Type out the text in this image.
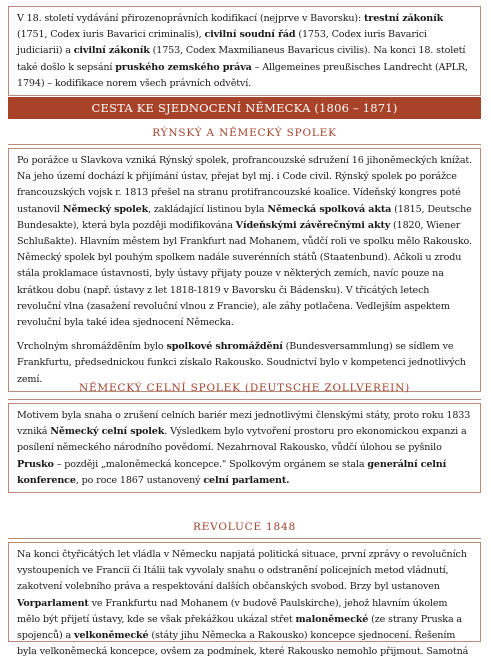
V 18. století vydávání přirozenoprávních kodifikací (nejprve v Bavorsku): trestní zákoník (1751, Codex iuris Bavarici criminalis), civilní soudní řád (1753, Codex iuris Bavarici judiciarii) a civilní zákoník (1753, Codex Maxmilianeus Bavaricus civilis). Na konci 18. století také došlo k sepsání pruského zemského práva – Allgemeines preußisches Landrecht (APLR, 1794) – kodifikace norem všech právních odvětví.

CESTA KE SJEDNOCENÍ NĚMECKA (1806 – 1871)
RÝNSKÝ A NĚMECKÝ SPOLEK

Po porážce u Slavkova vzniká Rýnský spolek, profrancouzské sdružení 16 jihoněmeckých knížat. Na jeho území dochází k přijímání ústav, přejat byl mj. i Code civil. Rýnský spolek po porážce francouzských vojsk r. 1813 přešel na stranu protifrancouzské koalice. Vídeňský kongres poté ustanovil Německý spolek, zakládající listinou byla Německá spolková akta (1815, Deutsche Bundesakte), která byla později modifikována Vídeňskými závěrečnými akty (1820, Wiener Schlußakte). Hlavním městem byl Frankfurt nad Mohanem, vůdčí roli ve spolku mělo Rakousko. Německý spolek byl pouhým spolkem nadále suverénních států (Staatenbund). Ačkoli u zrodu stála proklamace ústavnosti, byly ústavy přijaty pouze v některých zemích, navíc pouze na krátkou dobu (např. ústavy z let 1818-1819 v Bavorsku či Bádensku). V třicátých letech revoluční vlna (zasažení revoluční vlnou z Francie), ale záhy potlačena. Vedlejším aspektem revoluční byla také idea sjednocení Německa.

Vrcholným shromážděním bylo spolkové shromáždění (Bundesversammlung) se sídlem ve Frankfurtu, předsednickou funkci získalo Rakousko. Soudnictví bylo v kompetenci jednotlivých zemí.

NĚMECKÝ CELNÍ SPOLEK (DEUTSCHE ZOLLVEREIN)

Motivem byla snaha o zrušení celních bariér mezi jednotlivými členskými státy, proto roku 1833 vzniká Německý celní spolek. Výsledkem bylo vytvoření prostoru pro ekonomickou expanzi a posílení německého národního povědomí. Nezahrnoval Rakousko, vůdčí úlohou se pyšnilo Prusko – později „maloněmecká koncepce." Spolkovým orgánem se stala generální celní konference, po roce 1867 ustanovený celní parlament.

REVOLUCE 1848

Na konci čtyřicátých let vládla v Německu napjatá politická situace, první zprávy o revolučních vystoupeních ve Francii či Itálii tak vyvolaly snahu o odstranění policejních metod vládnutí, zakotvení volebního práva a respektování dalších občanských svobod. Brzy byl ustanoven Vorparlament ve Frankfurtu nad Mohanem (v budově Paulskirche), jehož hlavním úkolem mělo být přijetí ústavy, kde se však překážkou ukázal střet maloněmecké (ze strany Pruska a spojenců) a velkoněmecké (státy jihu Německa a Rakousko) koncepce sjednocení. Řešením byla velkoněmecká koncepce, ovšem za podmínek, které Rakousko nemohlo přijmout. Samotná
